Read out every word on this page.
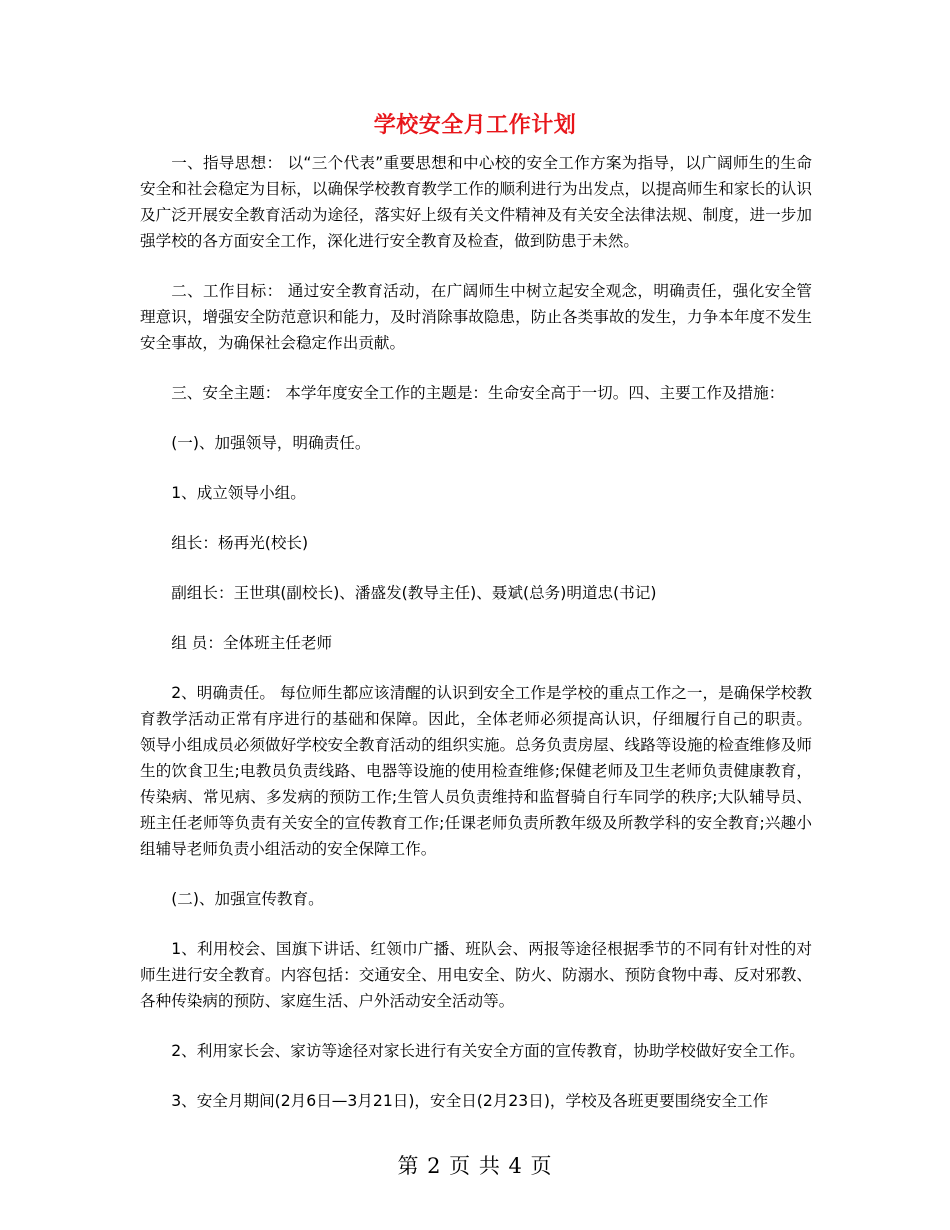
学校安全月工作计划

一、指导思想： 以“三个代表”重要思想和中心校的安全工作方案为指导，以广阔师生的生命安全和社会稳定为目标，以确保学校教育教学工作的顺利进行为出发点，以提高师生和家长的认识及广泛开展安全教育活动为途径，落实好上级有关文件精神及有关安全法律法规、制度，进一步加强学校的各方面安全工作，深化进行安全教育及检查，做到防患于未然。

二、工作目标： 通过安全教育活动，在广阔师生中树立起安全观念，明确责任，强化安全管理意识，增强安全防范意识和能力，及时消除事故隐患，防止各类事故的发生，力争本年度不发生安全事故，为确保社会稳定作出贡献。

三、安全主题： 本学年度安全工作的主题是：生命安全高于一切。四、主要工作及措施：

(一)、加强领导，明确责任。

1、成立领导小组。

组长：杨再光(校长)

副组长：王世琪(副校长)、潘盛发(教导主任)、聂斌(总务)明道忠(书记)

组 员：全体班主任老师

2、明确责任。 每位师生都应该清醒的认识到安全工作是学校的重点工作之一，是确保学校教育教学活动正常有序进行的基础和保障。因此，全体老师必须提高认识，仔细履行自己的职责。 领导小组成员必须做好学校安全教育活动的组织实施。总务负责房屋、线路等设施的检查维修及师生的饮食卫生;电教员负责线路、电器等设施的使用检查维修;保健老师及卫生老师负责健康教育，传染病、常见病、多发病的预防工作;生管人员负责维持和监督骑自行车同学的秩序;大队辅导员、班主任老师等负责有关安全的宣传教育工作;任课老师负责所教年级及所教学科的安全教育;兴趣小组辅导老师负责小组活动的安全保障工作。

(二)、加强宣传教育。

1、利用校会、国旗下讲话、红领巾广播、班队会、两报等途径根据季节的不同有针对性的对师生进行安全教育。内容包括：交通安全、用电安全、防火、防溺水、预防食物中毒、反对邪教、各种传染病的预防、家庭生活、户外活动安全活动等。

2、利用家长会、家访等途径对家长进行有关安全方面的宣传教育，协助学校做好安全工作。

3、安全月期间(2月6日—3月21日)，安全日(2月23日)，学校及各班更要围绕安全工作

第 2 页 共 4 页
